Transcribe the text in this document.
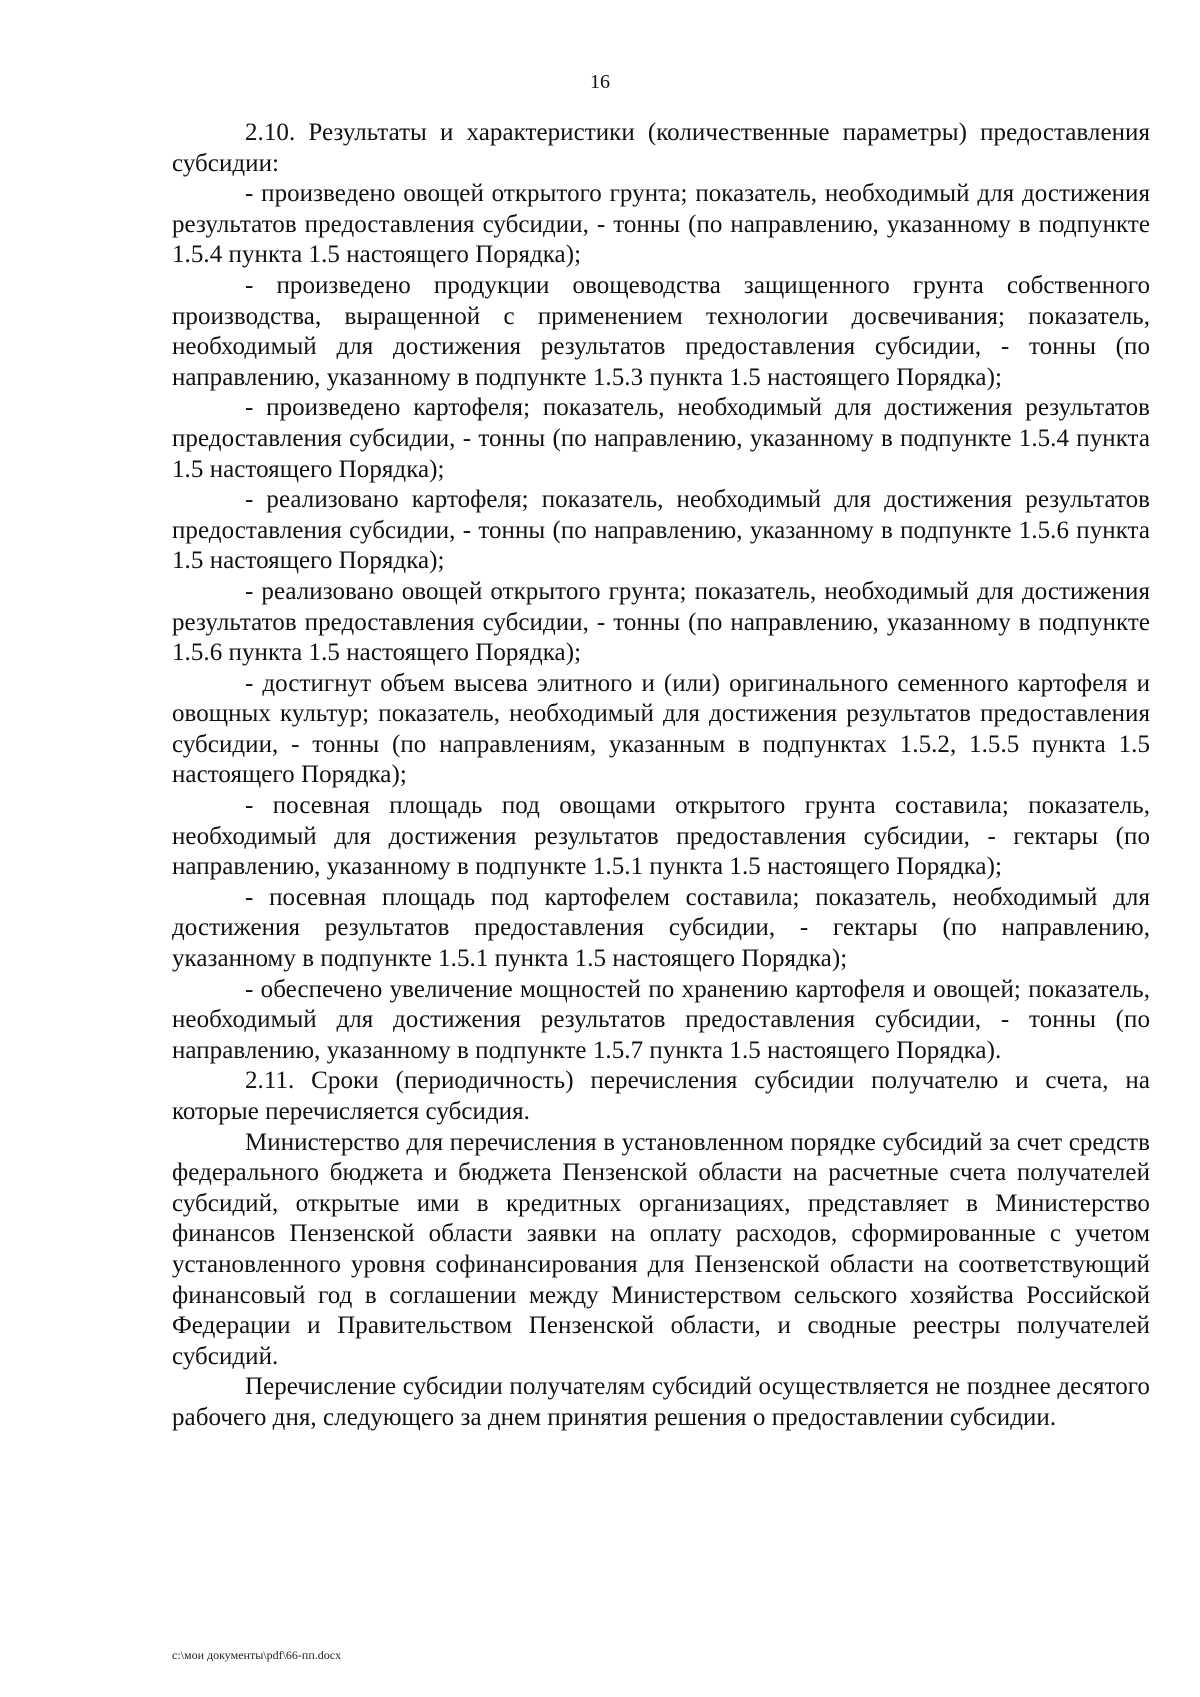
16

2.10. Результаты и характеристики (количественные параметры) предоставления субсидии:

- произведено овощей открытого грунта; показатель, необходимый для достижения результатов предоставления субсидии, - тонны (по направлению, указанному в подпункте 1.5.4 пункта 1.5 настоящего Порядка);

- произведено продукции овощеводства защищенного грунта собственного производства, выращенной с применением технологии досвечивания; показатель, необходимый для достижения результатов предоставления субсидии, - тонны (по направлению, указанному в подпункте 1.5.3 пункта 1.5 настоящего Порядка);

- произведено картофеля; показатель, необходимый для достижения результатов предоставления субсидии, - тонны (по направлению, указанному в подпункте 1.5.4 пункта 1.5 настоящего Порядка);

- реализовано картофеля; показатель, необходимый для достижения результатов предоставления субсидии, - тонны (по направлению, указанному в подпункте 1.5.6 пункта 1.5 настоящего Порядка);

- реализовано овощей открытого грунта; показатель, необходимый для достижения результатов предоставления субсидии, - тонны (по направлению, указанному в подпункте 1.5.6 пункта 1.5 настоящего Порядка);

- достигнут объем высева элитного и (или) оригинального семенного картофеля и овощных культур; показатель, необходимый для достижения результатов предоставления субсидии, - тонны (по направлениям, указанным в подпунктах 1.5.2, 1.5.5 пункта 1.5 настоящего Порядка);

- посевная площадь под овощами открытого грунта составила; показатель, необходимый для достижения результатов предоставления субсидии, - гектары (по направлению, указанному в подпункте 1.5.1 пункта 1.5 настоящего Порядка);

- посевная площадь под картофелем составила; показатель, необходимый для достижения результатов предоставления субсидии, - гектары (по направлению, указанному в подпункте 1.5.1 пункта 1.5 настоящего Порядка);

- обеспечено увеличение мощностей по хранению картофеля и овощей; показатель, необходимый для достижения результатов предоставления субсидии, - тонны (по направлению, указанному в подпункте 1.5.7 пункта 1.5 настоящего Порядка).

2.11. Сроки (периодичность) перечисления субсидии получателю и счета, на которые перечисляется субсидия.

Министерство для перечисления в установленном порядке субсидий за счет средств федерального бюджета и бюджета Пензенской области на расчетные счета получателей субсидий, открытые ими в кредитных организациях, представляет в Министерство финансов Пензенской области заявки на оплату расходов, сформированные с учетом установленного уровня софинансирования для Пензенской области на соответствующий финансовый год в соглашении между Министерством сельского хозяйства Российской Федерации и Правительством Пензенской области, и сводные реестры получателей субсидий.

Перечисление субсидии получателям субсидий осуществляется не позднее десятого рабочего дня, следующего за днем принятия решения о предоставлении субсидии.

c:\мои документы\pdf\66-пп.docx
